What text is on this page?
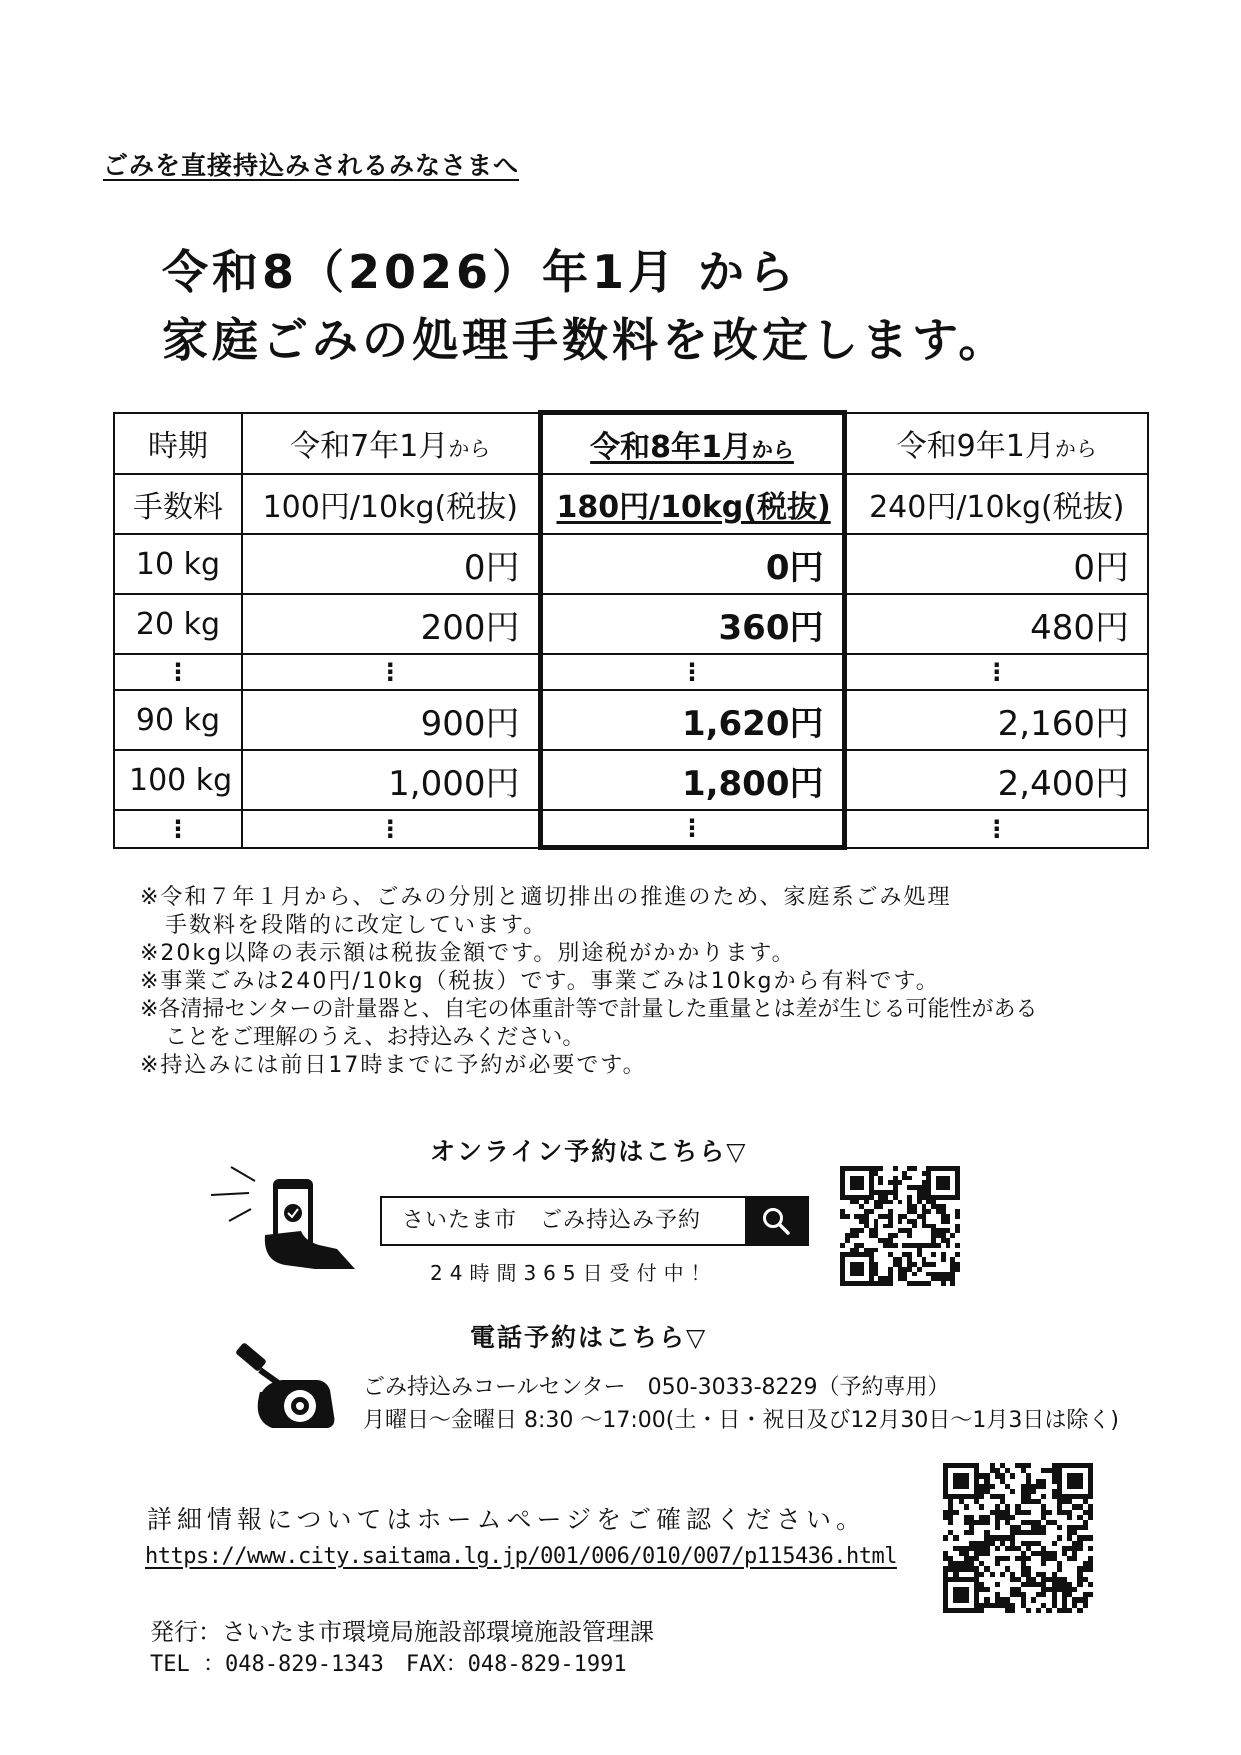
ごみを直接持込みされるみなさまへ
令和8（2026）年1月 から
家庭ごみの処理手数料を改定します。
時期	令和7年1月から	令和8年1月から	令和9年1月から
手数料	100円/10kg(税抜)	180円/10kg(税抜)	240円/10kg(税抜)
10 kg	0円	0円	0円
20 kg	200円	360円	480円
⋮	⋮	⋮	⋮
90 kg	900円	1,620円	2,160円
100 kg	1,000円	1,800円	2,400円
⋮	⋮	⋮	⋮
※令和７年１月から、ごみの分別と適切排出の推進のため、家庭系ごみ処理
手数料を段階的に改定しています。
※20kg以降の表示額は税抜金額です。別途税がかかります。
※事業ごみは240円/10kg（税抜）です。事業ごみは10kgから有料です。
※各清掃センターの計量器と、自宅の体重計等で計量した重量とは差が生じる可能性がある
ことをご理解のうえ、お持込みください。
※持込みには前日17時までに予約が必要です。
オンライン予約はこちら▽
さいたま市　ごみ持込み予約
24時間365日受付中！
電話予約はこちら▽
ごみ持込みコールセンター　050-3033-8229（予約専用）
月曜日～金曜日 8:30 ～17:00(土・日・祝日及び12月30日～1月3日は除く)
詳細情報についてはホームページをご確認ください。
https://www.city.saitama.lg.jp/001/006/010/007/p115436.html
発行：さいたま市環境局施設部環境施設管理課
TEL ：048-829-1343　FAX：048-829-1991
